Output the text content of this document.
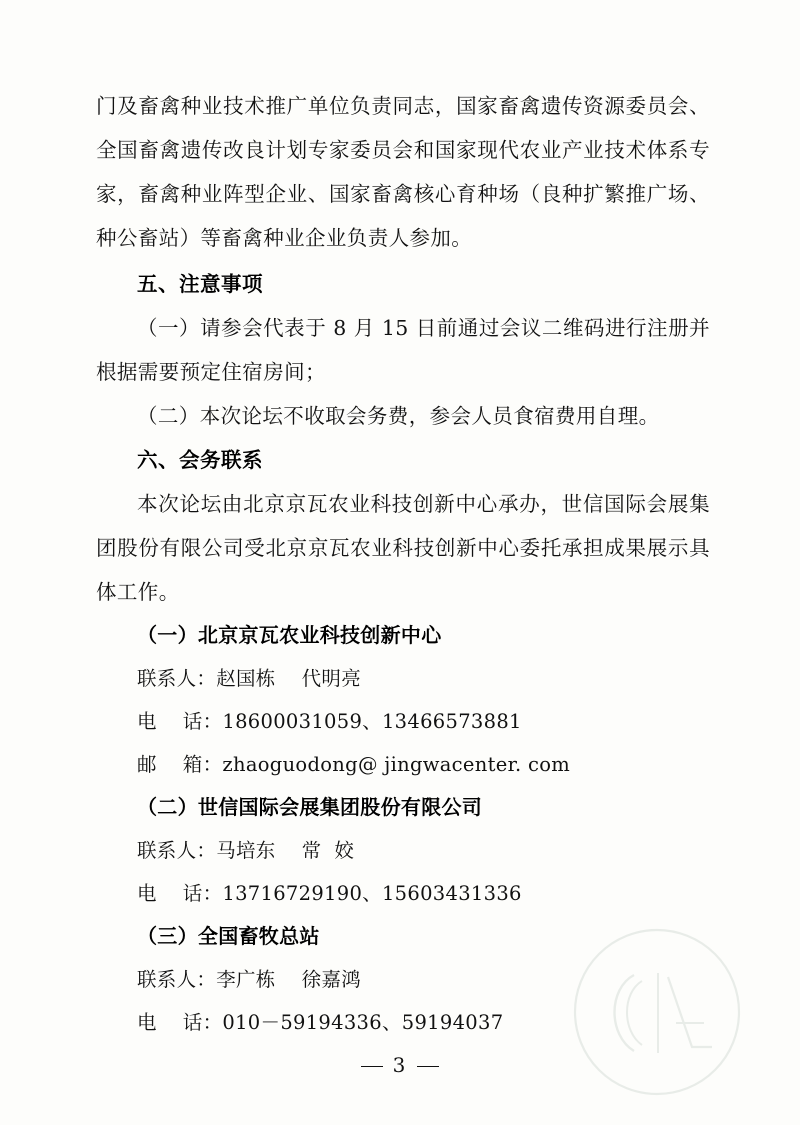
门及畜禽种业技术推广单位负责同志，国家畜禽遗传资源委员会、全国畜禽遗传改良计划专家委员会和国家现代农业产业技术体系专家，畜禽种业阵型企业、国家畜禽核心育种场（良种扩繁推广场、种公畜站）等畜禽种业企业负责人参加。

五、注意事项

（一）请参会代表于 8 月 15 日前通过会议二维码进行注册并根据需要预定住宿房间；

（二）本次论坛不收取会务费，参会人员食宿费用自理。

六、会务联系

本次论坛由北京京瓦农业科技创新中心承办，世信国际会展集团股份有限公司受北京京瓦农业科技创新中心委托承担成果展示具体工作。

（一）北京京瓦农业科技创新中心

联系人：赵国栋    代明亮

电    话：18600031059、13466573881

邮    箱：zhaoguodong@ jingwacenter. com

（二）世信国际会展集团股份有限公司

联系人：马培东    常  姣

电    话：13716729190、15603431336

（三）全国畜牧总站

联系人：李广栋    徐嘉鸿

电    话：010－59194336、59194037

3
